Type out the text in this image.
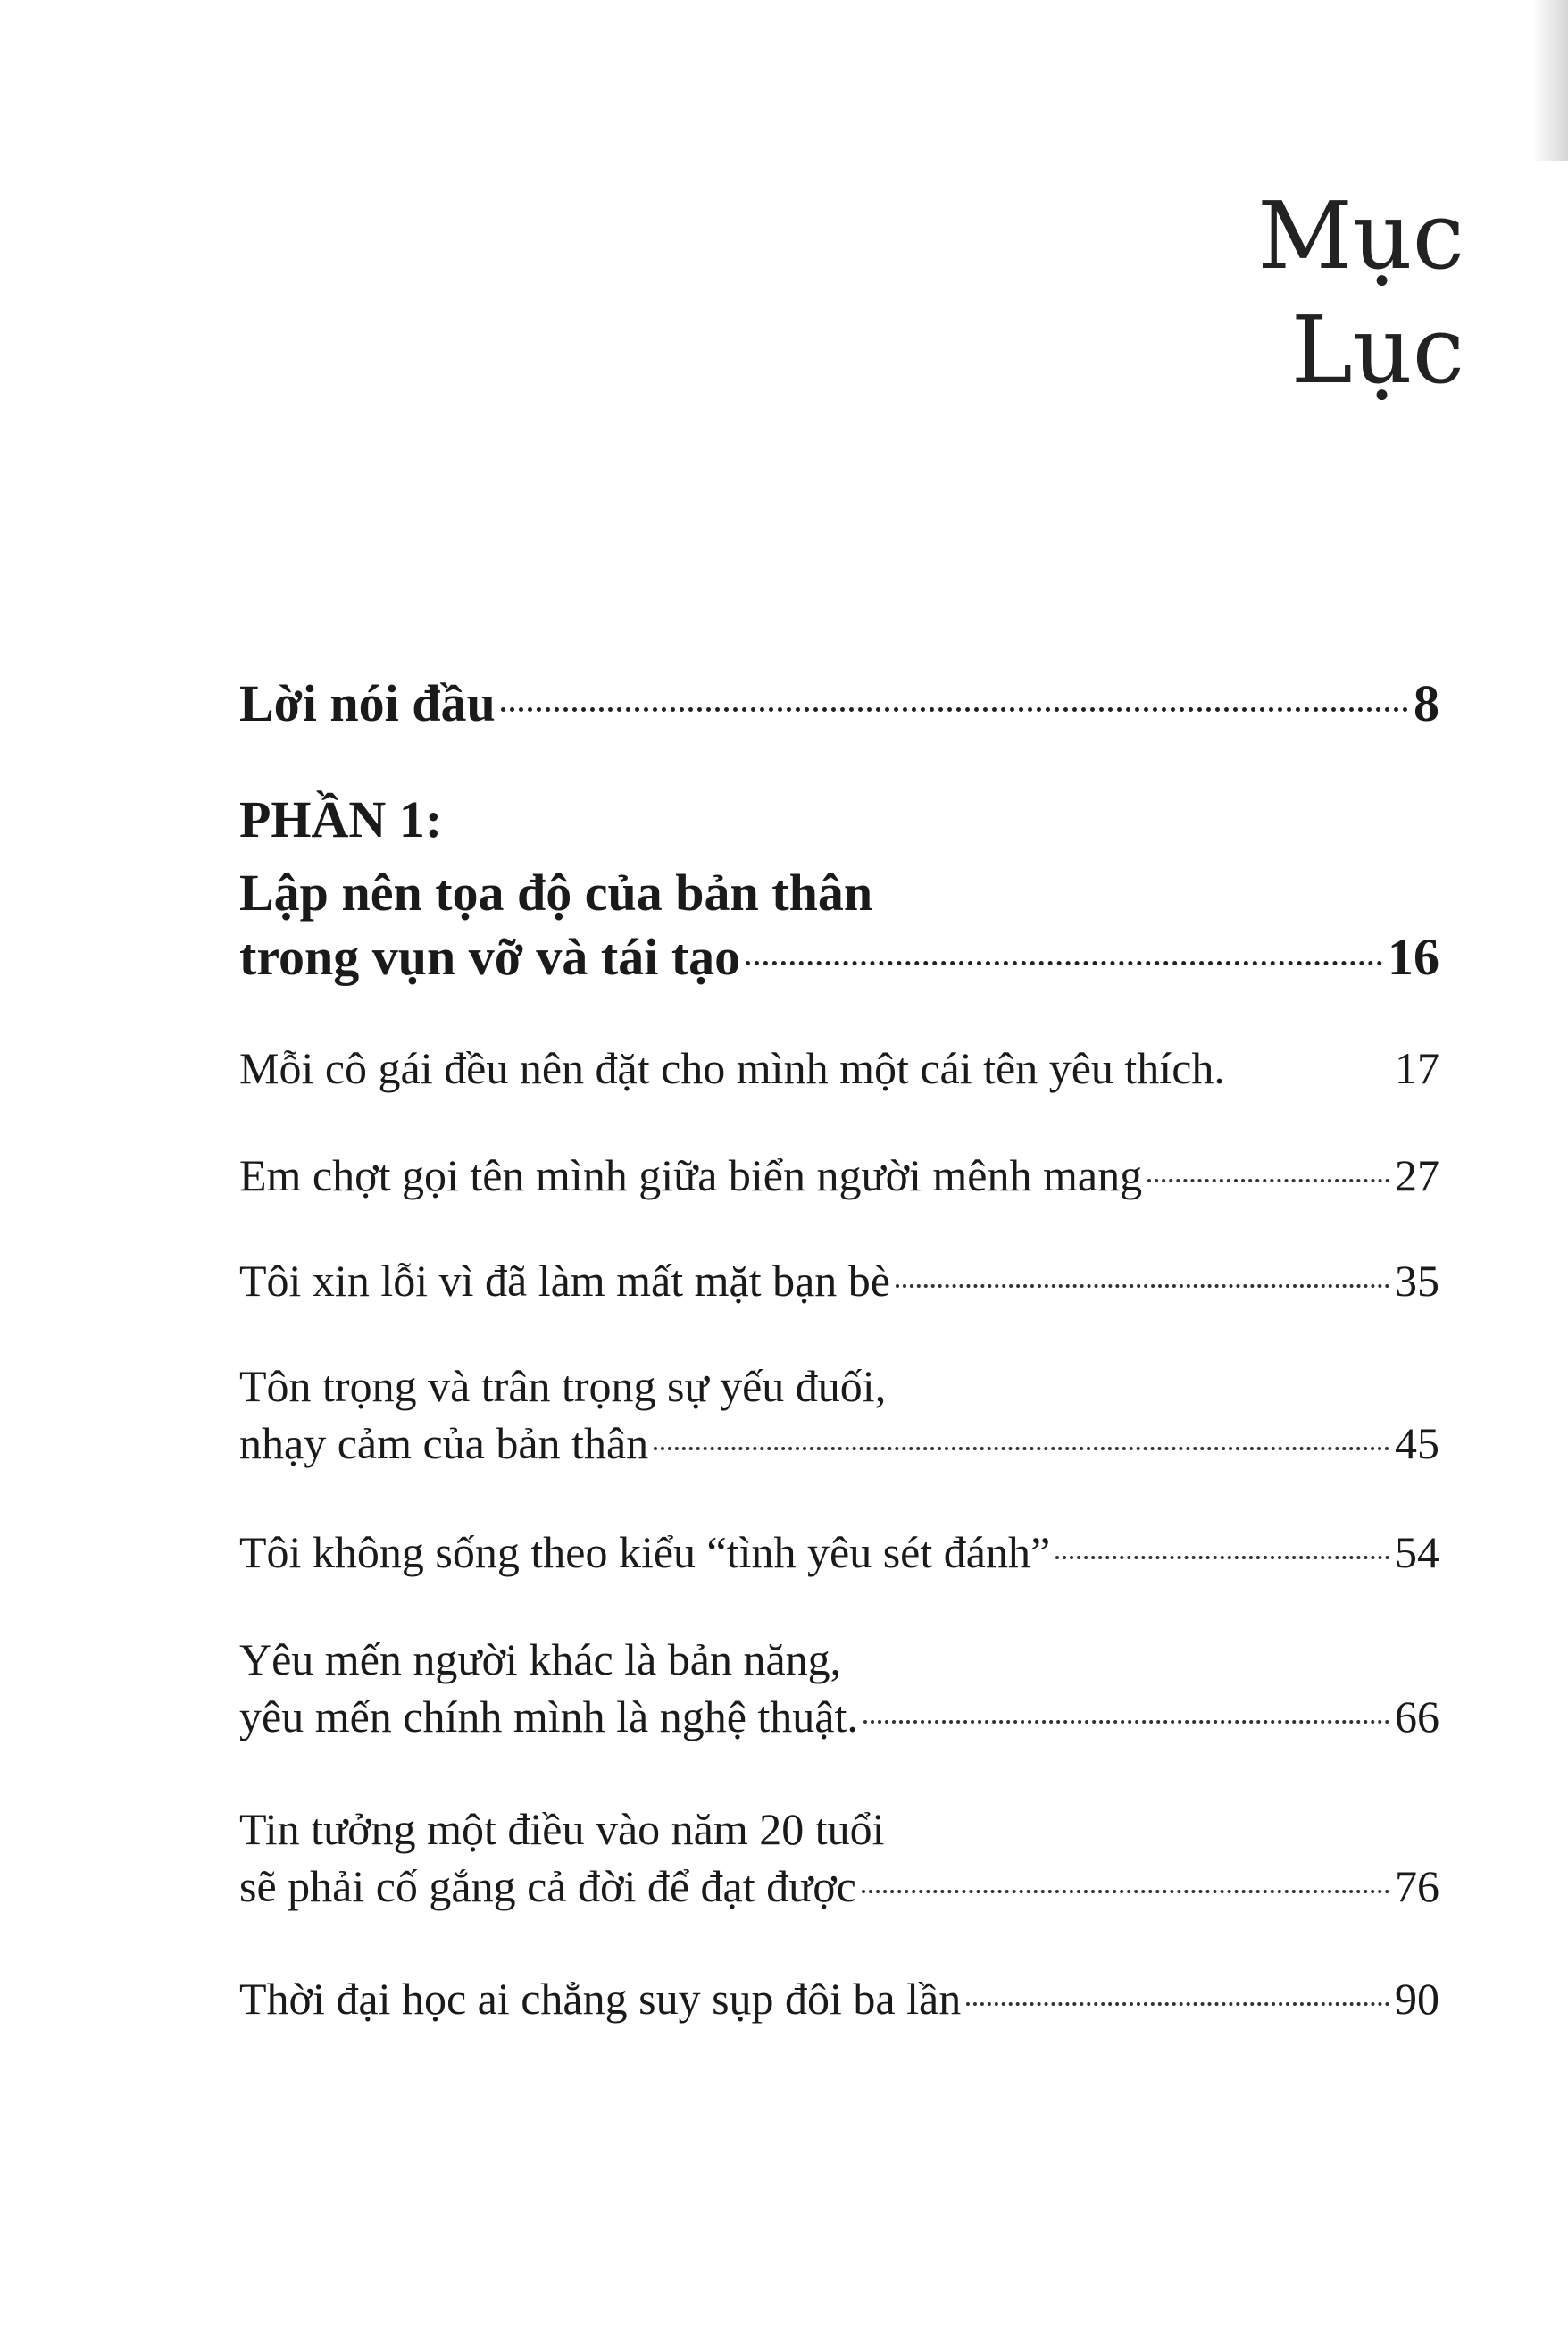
Mục
Lục
Lời nói đầu	8
PHẦN 1:
Lập nên tọa độ của bản thân
trong vụn vỡ và tái tạo	16
Mỗi cô gái đều nên đặt cho mình một cái tên yêu thích.	17
Em chợt gọi tên mình giữa biển người mênh mang	27
Tôi xin lỗi vì đã làm mất mặt bạn bè	35
Tôn trọng và trân trọng sự yếu đuối,
nhạy cảm của bản thân	45
Tôi không sống theo kiểu “tình yêu sét đánh”	54
Yêu mến người khác là bản năng,
yêu mến chính mình là nghệ thuật.	66
Tin tưởng một điều vào năm 20 tuổi
sẽ phải cố gắng cả đời để đạt được	76
Thời đại học ai chẳng suy sụp đôi ba lần	90
